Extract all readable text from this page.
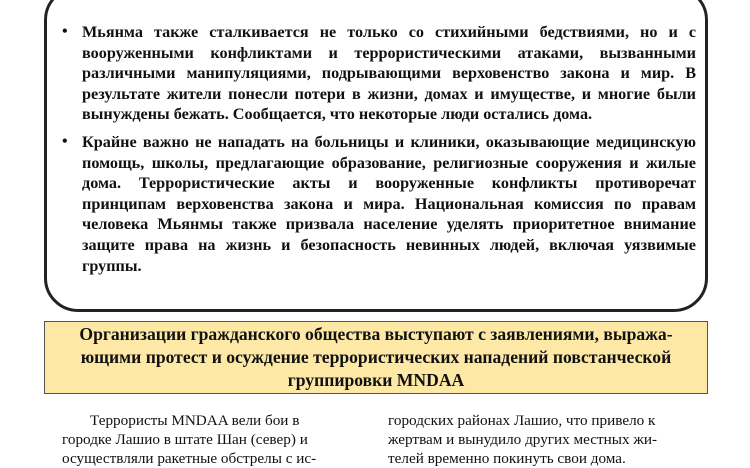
• Мьянма также сталкивается не только со стихийными бедствиями, но и с вооруженными конфликтами и террористическими атаками, вызванными различными манипуляциями, подрывающими верховенство закона и мир. В результате жители понесли потери в жизни, домах и имуществе, и многие были вынуждены бежать. Сообщается, что некоторые люди остались дома.
• Крайне важно не нападать на больницы и клиники, оказывающие медицинскую помощь, школы, предлагающие образование, религиозные сооружения и жилые дома. Террористические акты и вооруженные конфликты противоречат принципам верховенства закона и мира. Национальная комиссия по правам человека Мьянмы также призвала население уделять приоритетное внимание защите права на жизнь и безопасность невинных людей, включая уязвимые группы.
Организации гражданского общества выступают с заявлениями, выража-
ющими протест и осуждение террористических нападений повстанческой
группировки MNDAA
Террористы MNDAA вели бои в
городке Лашио в штате Шан (север) и
осуществляли ракетные обстрелы с ис-
городских районах Лашио, что привело к
жертвам и вынудило других местных жи-
телей временно покинуть свои дома.
